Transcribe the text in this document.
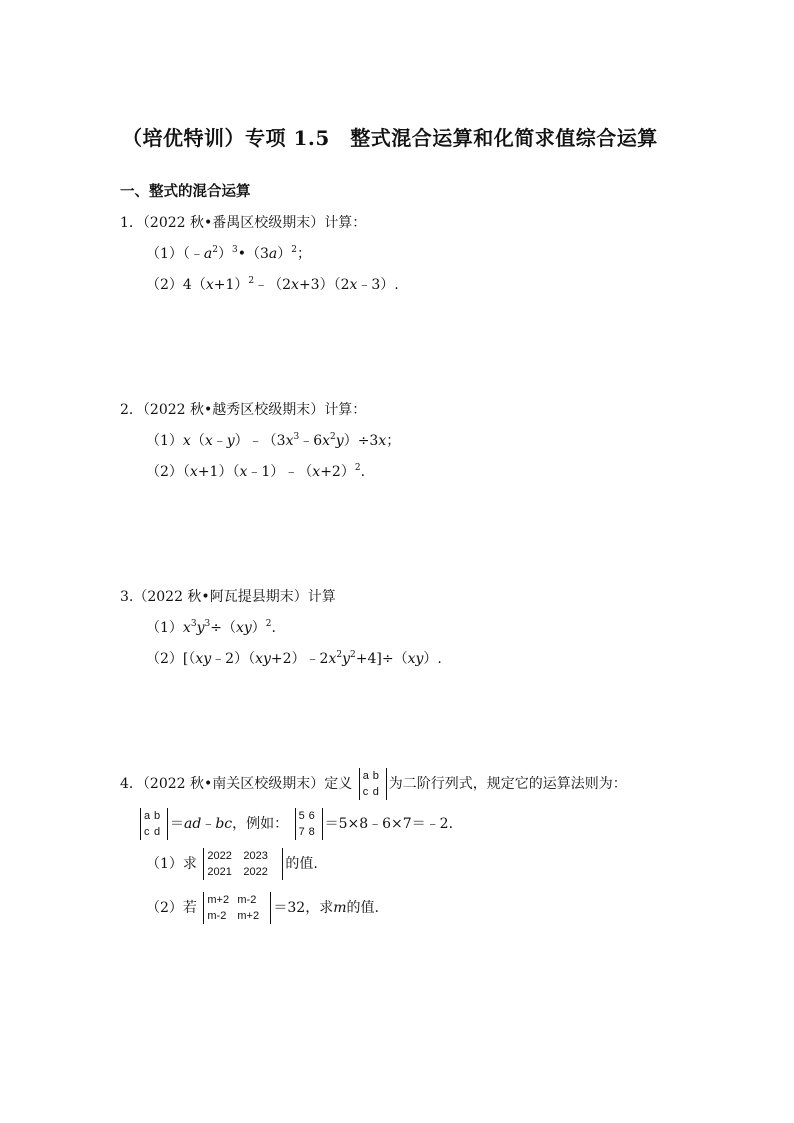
（培优特训）专项 1.5　整式混合运算和化简求值综合运算
一、整式的混合运算
1．（2022 秋•番禺区校级期末）计算：
$(1)(﹣a^2)^3•(3a)^2$；
$(2)4(x+1)^2﹣(2x+3)(2x﹣3)$.
2．（2022 秋•越秀区校级期末）计算：
$(1)x(x﹣y)﹣(3x^3﹣6x^2y)\div 3x$；
$(2)(x+1)(x﹣1)﹣(x+2)^2$.
3.（2022 秋•阿瓦提县期末）计算
$(1)x^3y^3\div(xy)^2$.
$(2)[(xy﹣2)(xy+2)﹣2x^2y^2+4]\div(xy)$.
4．（2022 秋•南关区校级期末）定义 a b
c d 为二阶行列式，规定它的运算法则为：
a b
c d ＝ad﹣bc，例如： 5 6
7 8 ＝5×8﹣6×7＝﹣2.
（1）求 2022 2023
2021 2022	的值.
（2）若 m+2 m-2
m-2 m+2	＝32，求m的值.
